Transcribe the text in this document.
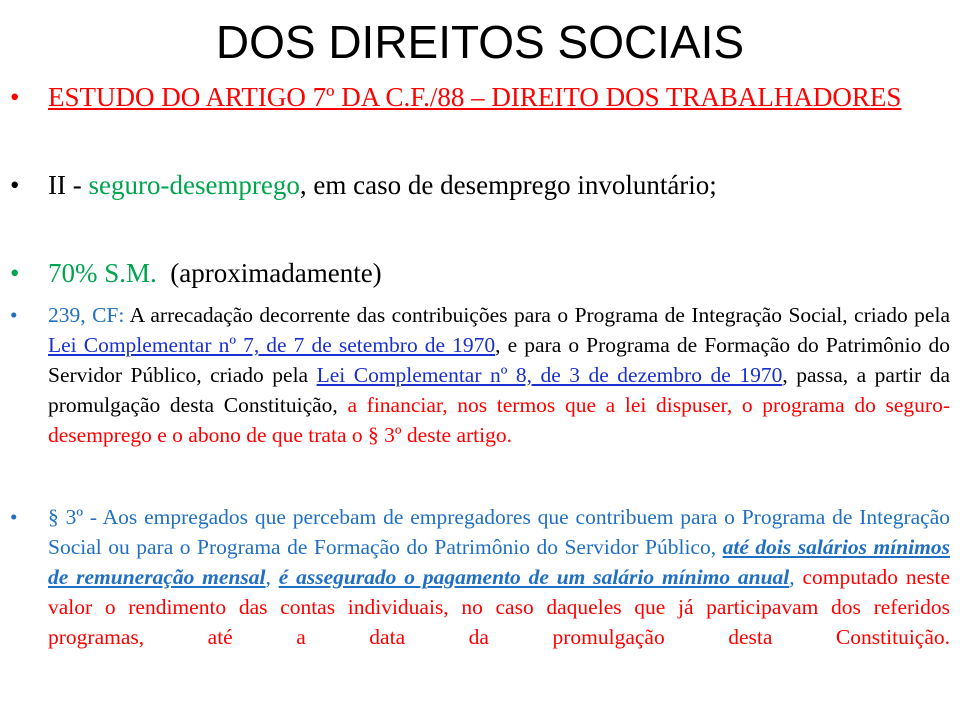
DOS DIREITOS SOCIAIS
• ESTUDO DO ARTIGO 7º DA C.F./88 – DIREITO DOS TRABALHADORES
• II - seguro-desemprego, em caso de desemprego involuntário;
• 70% S.M. (aproximadamente)
• 239, CF: A arrecadação decorrente das contribuições para o Programa de Integração Social, criado pela Lei Complementar nº 7, de 7 de setembro de 1970, e para o Programa de Formação do Patrimônio do Servidor Público, criado pela Lei Complementar nº 8, de 3 de dezembro de 1970, passa, a partir da promulgação desta Constituição, a financiar, nos termos que a lei dispuser, o programa do seguro-desemprego e o abono de que trata o § 3º deste artigo.
• § 3º - Aos empregados que percebam de empregadores que contribuem para o Programa de Integração Social ou para o Programa de Formação do Patrimônio do Servidor Público, até dois salários mínimos de remuneração mensal, é assegurado o pagamento de um salário mínimo anual, computado neste valor o rendimento das contas individuais, no caso daqueles que já participavam dos referidos programas, até a data da promulgação desta Constituição.
